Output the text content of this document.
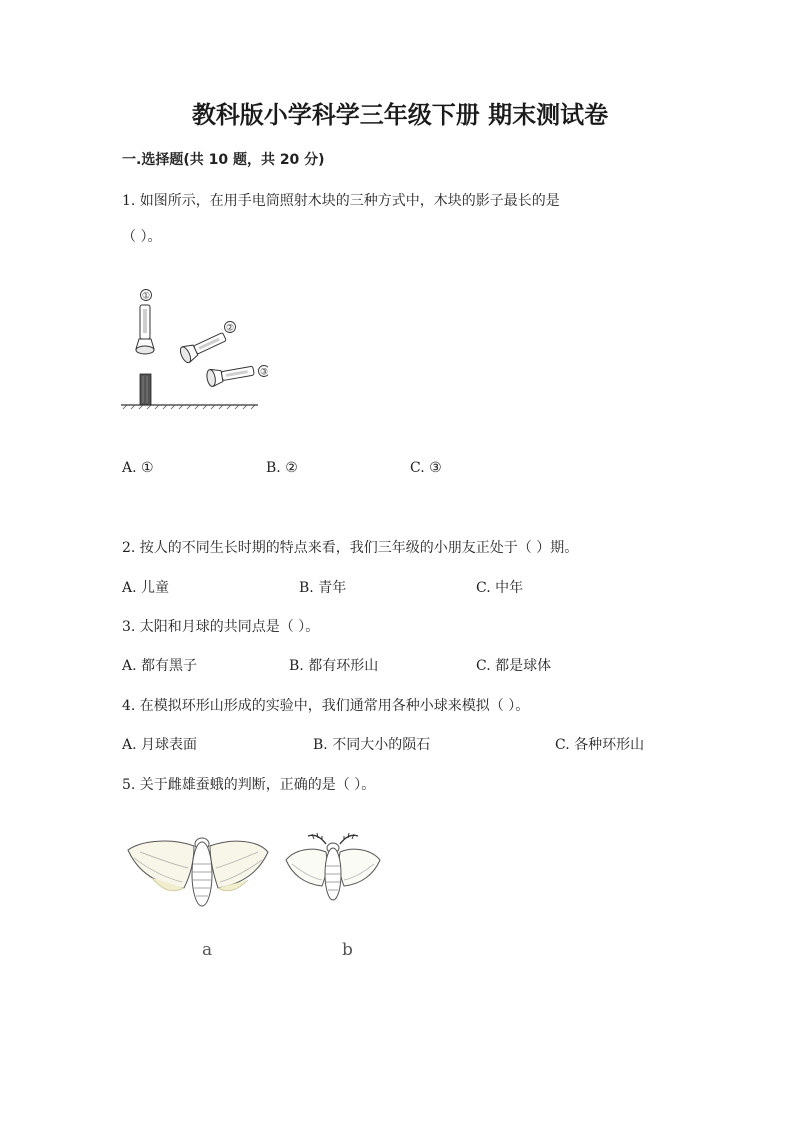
教科版小学科学三年级下册 期末测试卷
一.选择题(共 10 题，共 20 分)
1. 如图所示，在用手电筒照射木块的三种方式中，木块的影子最长的是
（ ）。
①
②
③
A. ①	B. ②	C. ③
2. 按人的不同生长时期的特点来看，我们三年级的小朋友正处于（ ）期。
A. 儿童	B. 青年	C. 中年
3. 太阳和月球的共同点是（ ）。
A. 都有黑子	B. 都有环形山	C. 都是球体
4. 在模拟环形山形成的实验中，我们通常用各种小球来模拟（ ）。
A. 月球表面	B. 不同大小的陨石	C. 各种环形山
5. 关于雌雄蚕蛾的判断，正确的是（ ）。
a	b
